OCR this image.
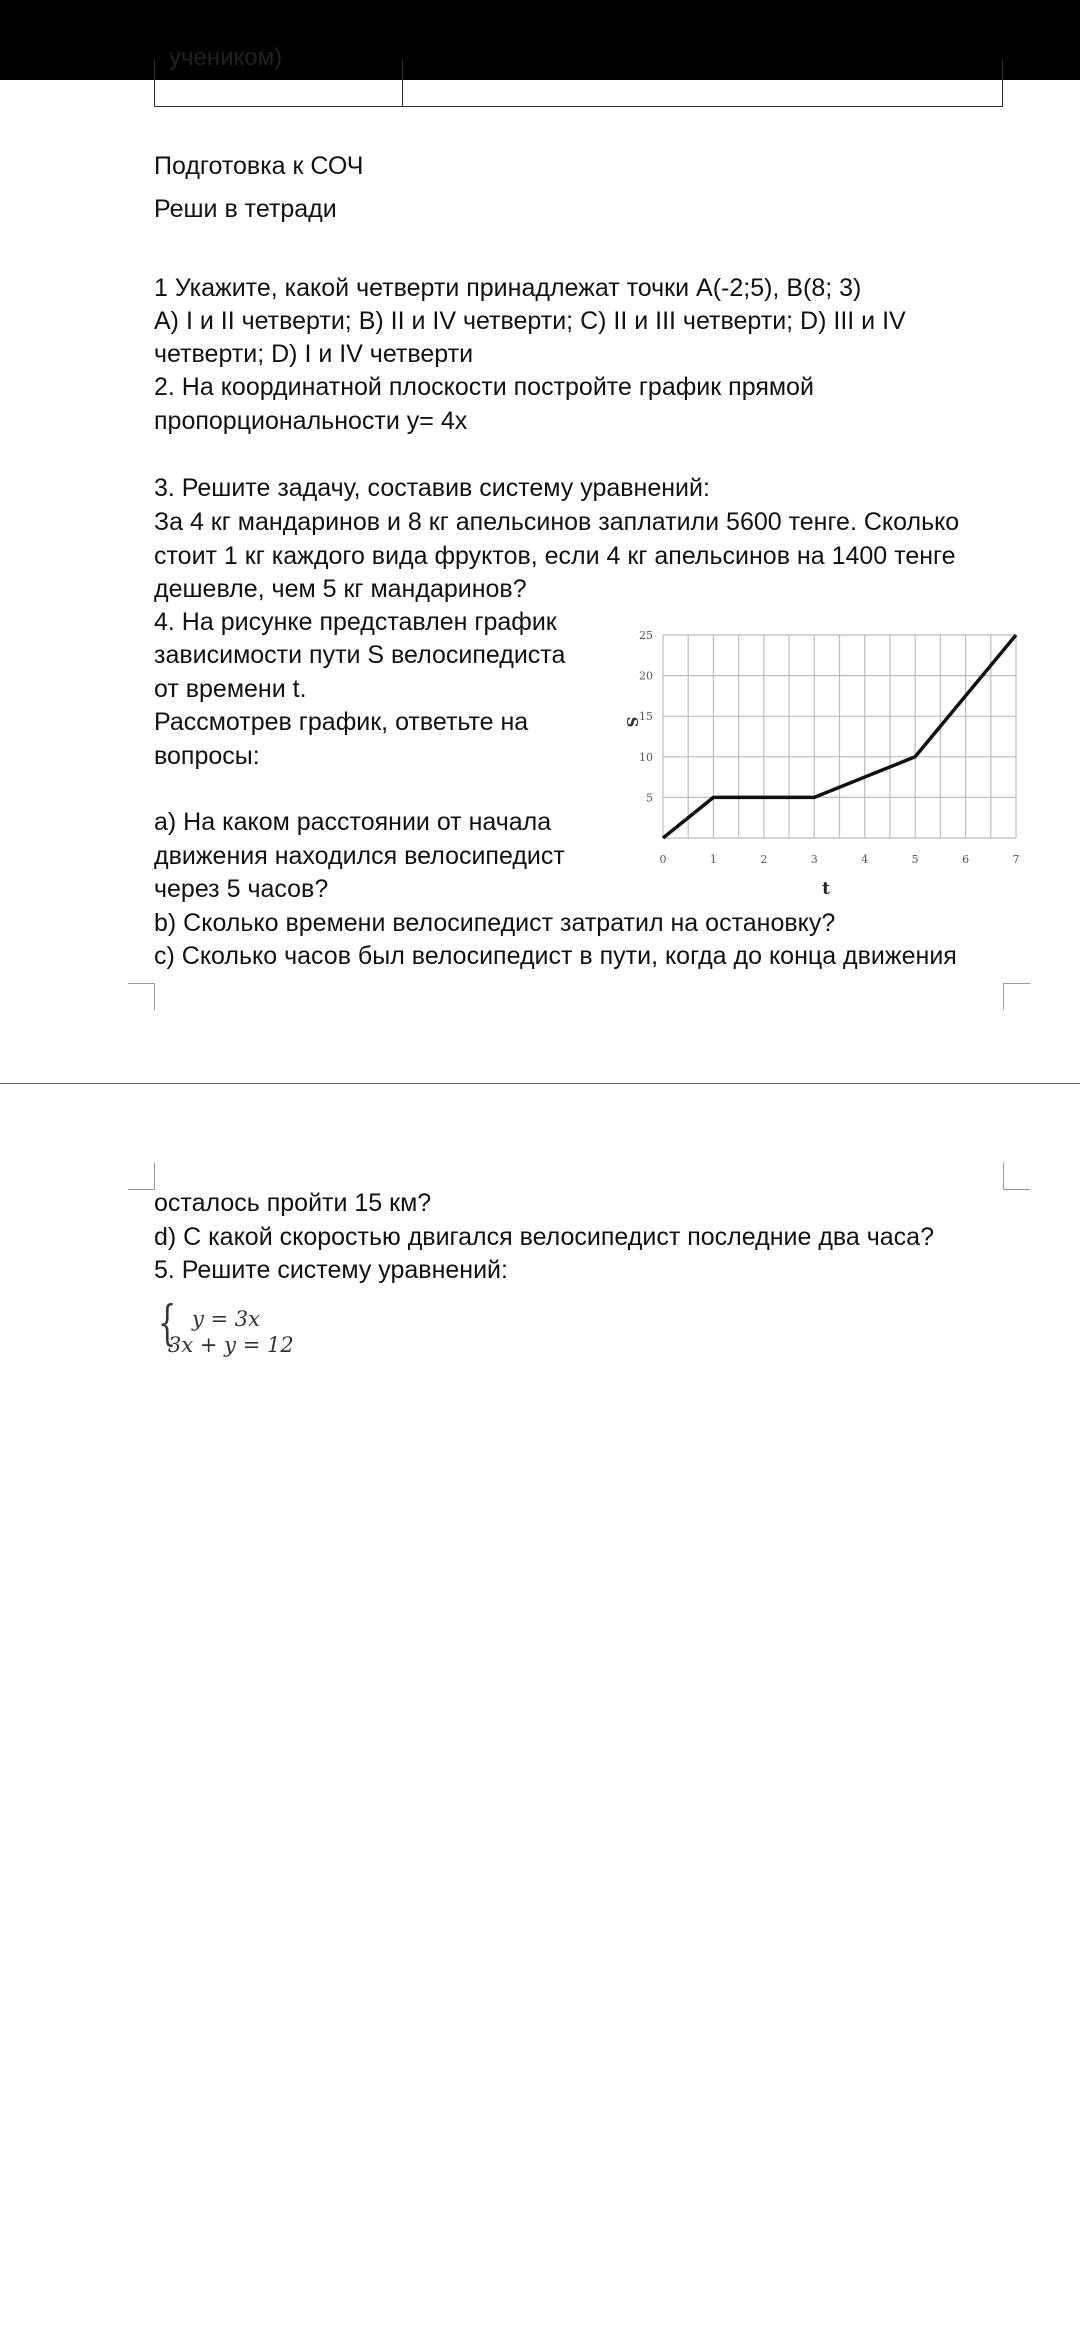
учеником)

Подготовка к СОЧ

Реши в тетради

1 Укажите, какой четверти принадлежат точки A(-2;5), B(8; 3)

A) I и II четверти; B) II и IV четверти; C) II и III четверти; D) III и IV

четверти; D) I и IV четверти

2. На координатной плоскости постройте график прямой

пропорциональности y= 4x

3. Решите задачу, составив систему уравнений:

За 4 кг мандаринов и 8 кг апельсинов заплатили 5600 тенге. Сколько

стоит 1 кг каждого вида фруктов, если 4 кг апельсинов на 1400 тенге

дешевле, чем 5 кг мандаринов?

4. На рисунке представлен график

зависимости пути S велосипедиста

от времени t.

Рассмотрев график, ответьте на

вопросы:

a) На каком расстоянии от начала

движения находился велосипедист

через 5 часов?

b) Сколько времени велосипедист затратил на остановку?

c) Сколько часов был велосипедист в пути, когда до конца движения

0	1	2	3	4	5	6	7
5
10
15
20
25
S
t

осталось пройти 15 км?

d) С какой скоростью двигался велосипедист последние два часа?

5. Решите систему уравнений:

{ y = 3x
3x + y = 12
